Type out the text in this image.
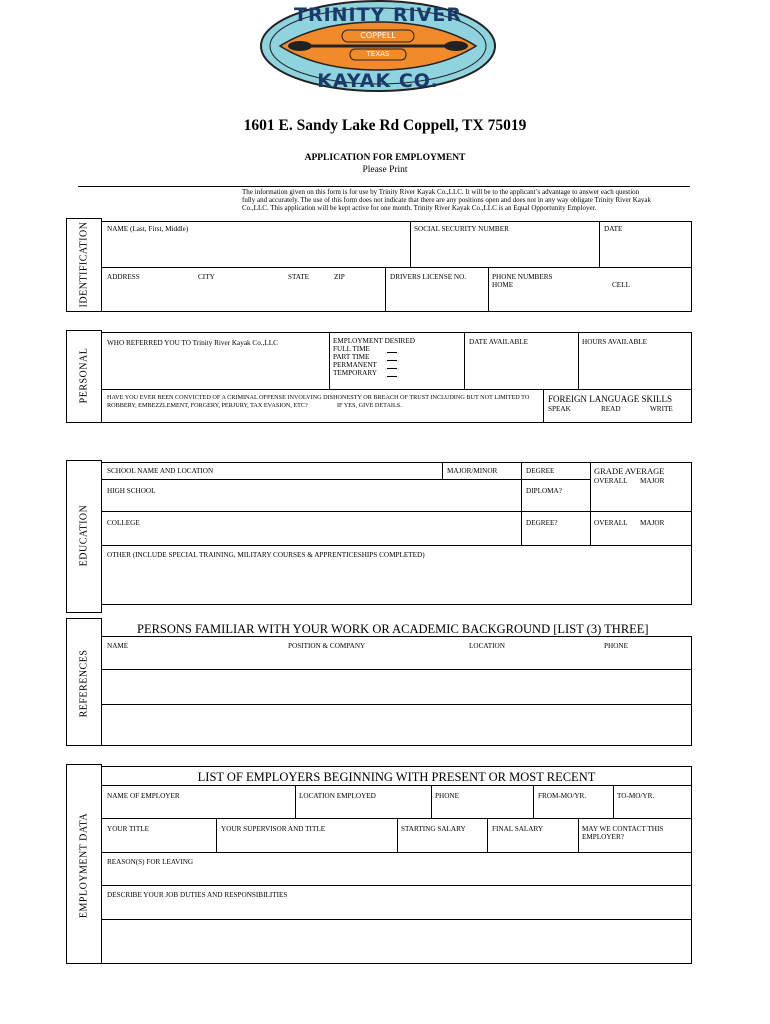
TRINITY RIVER
KAYAK CO.
COPPELL
TEXAS
1601 E. Sandy Lake Rd Coppell, TX 75019
APPLICATION FOR EMPLOYMENT
Please Print
The information given on this form is for use by Trinity River Kayak Co.,LLC. It will be to the applicant’s advantage to answer each question
fully and accurately. The use of this form does not indicate that there are any positions open and does not in any way obligate Trinity River Kayak
Co.,LLC. This application will be kept active for one month. Trinity River Kayak Co.,LLC is an Equal Opportunity Employer.
IDENTIFICATION NAME (Last, First, Middle)	SOCIAL SECURITY NUMBER	DATE
ADDRESS	CITY	STATE	ZIP	DRIVERS LICENSE NO.	PHONE NUMBERS
HOME	CELL
PERSONAL
WHO REFERRED YOU TO Trinity River Kayak Co.,LLC	EMPLOYMENT DESIRED
FULL TIME
PART TIME
PERMANENT
TEMPORARY
DATE AVAILABLE	HOURS AVAILABLE
HAVE YOU EVER BEEN CONVICTED OF A CRIMINAL OFFENSE INVOLVING DISHONESTY OR BREACH OF TRUST INCLUDING BUT NOT LIMITED TO
ROBBERY, EMBEZZLEMENT, FORGERY, PERJURY, TAX EVASION, ETC?	IF YES, GIVE DETAILS.
FOREIGN LANGUAGE SKILLS
SPEAK	READ	WRITE
EDUCATION
SCHOOL NAME AND LOCATION	MAJOR/MINOR	DEGREE	GRADE AVERAGE
OVERALL MAJOR
HIGH SCHOOL	DIPLOMA?
COLLEGE	DEGREE?	OVERALL MAJOR
OTHER (INCLUDE SPECIAL TRAINING, MILITARY COURSES & APPRENTICESHIPS COMPLETED)
REFERENCES
PERSONS FAMILIAR WITH YOUR WORK OR ACADEMIC BACKGROUND [LIST (3) THREE]
NAME	POSITION & COMPANY	LOCATION	PHONE
EMPLOYMENT DATA
LIST OF EMPLOYERS BEGINNING WITH PRESENT OR MOST RECENT
NAME OF EMPLOYER	LOCATION EMPLOYED	PHONE	FROM-MO/YR.	TO-MO/YR.
YOUR TITLE	YOUR SUPERVISOR AND TITLE	STARTING SALARY	FINAL SALARY	MAY WE CONTACT THIS
EMPLOYER?
REASON(S) FOR LEAVING
DESCRIBE YOUR JOB DUTIES AND RESPONSIBILITIES
